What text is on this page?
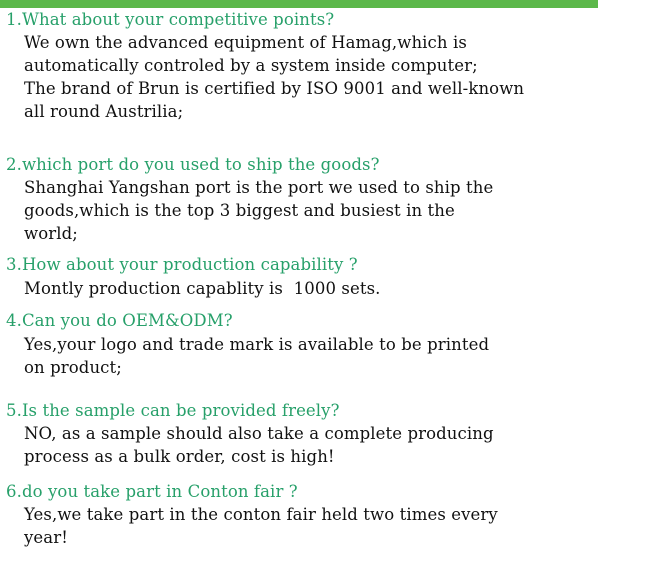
1.What about your competitive points?
We own the advanced equipment of Hamag,which is
automatically controled by a system inside computer;
The brand of Brun is certified by ISO 9001 and well-known
all round Austrilia;
2.which port do you used to ship the goods?
Shanghai Yangshan port is the port we used to ship the
goods,which is the top 3 biggest and busiest in the
world;
3.How about your production capability ?
Montly production capablity is  1000 sets.
4.Can you do OEM&ODM?
Yes,your logo and trade mark is available to be printed
on product;
5.Is the sample can be provided freely?
NO, as a sample should also take a complete producing
process as a bulk order, cost is high!
6.do you take part in Conton fair ?
Yes,we take part in the conton fair held two times every
year!
